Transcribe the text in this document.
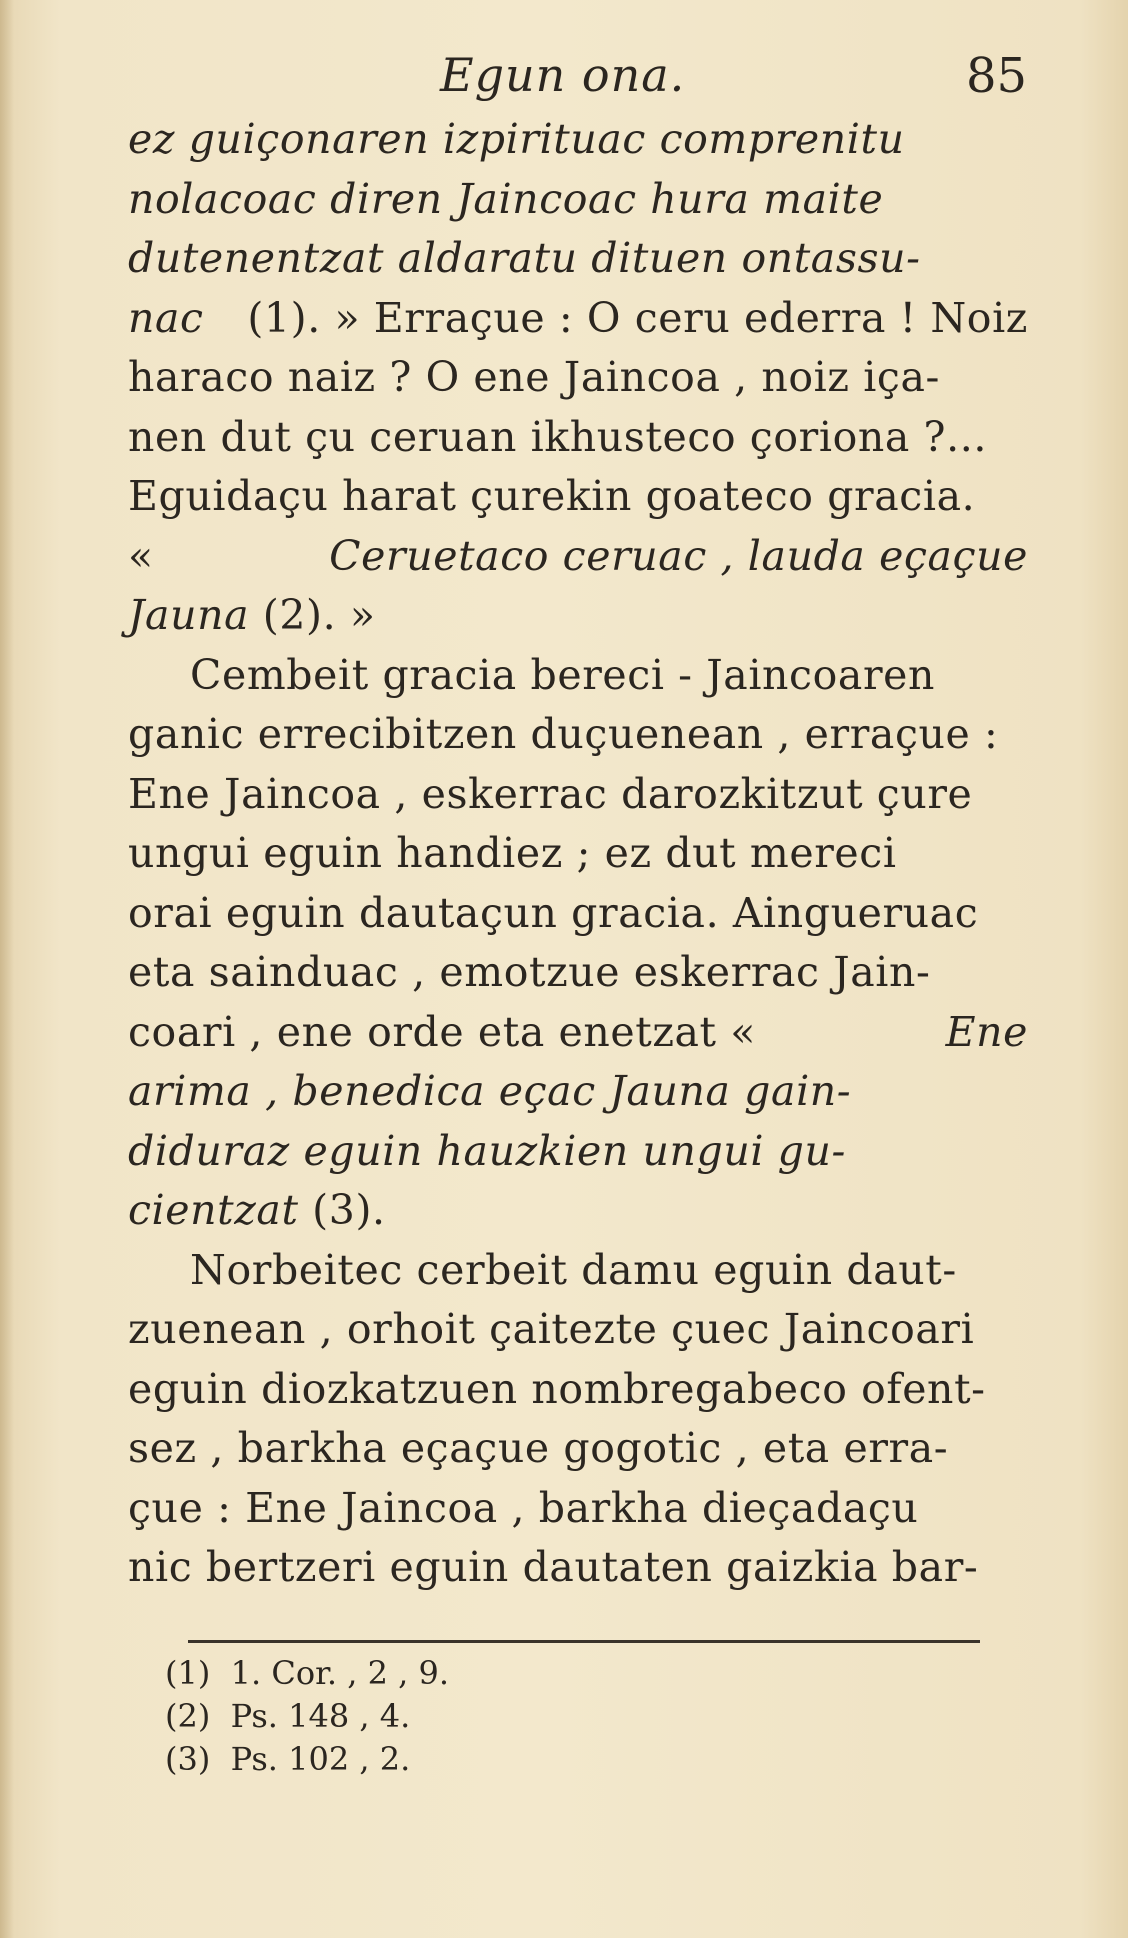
Egun ona.	85
ez guiçonaren izpirituac comprenitu
nolacoac diren Jaincoac hura maite
dutenentzat aldaratu dituen ontassu-
nac (1). » Erraçue : O ceru ederra ! Noiz
haraco naiz ? O ene Jaincoa , noiz iça-
nen dut çu ceruan ikhusteco çoriona ?...
Eguidaçu harat çurekin goateco gracia.
«	Ceruetaco ceruac , lauda eçaçue
Jauna (2). »
Cembeit gracia bereci - Jaincoaren
ganic errecibitzen duçuenean , erraçue :
Ene Jaincoa , eskerrac darozkitzut çure
ungui eguin handiez ; ez dut mereci
orai eguin dautaçun gracia. Aingueruac
eta sainduac , emotzue eskerrac Jain-
coari , ene orde eta enetzat «	Ene
arima , benedica eçac Jauna gain-
diduraz eguin hauzkien ungui gu-
cientzat (3).
Norbeitec cerbeit damu eguin daut-
zuenean , orhoit çaitezte çuec Jaincoari
eguin diozkatzuen nombregabeco ofent-
sez , barkha eçaçue gogotic , eta erra-
çue : Ene Jaincoa , barkha dieçadaçu
nic bertzeri eguin dautaten gaizkia bar-
(1)  1. Cor. , 2 , 9.
(2)  Ps. 148 , 4.
(3)  Ps. 102 , 2.
